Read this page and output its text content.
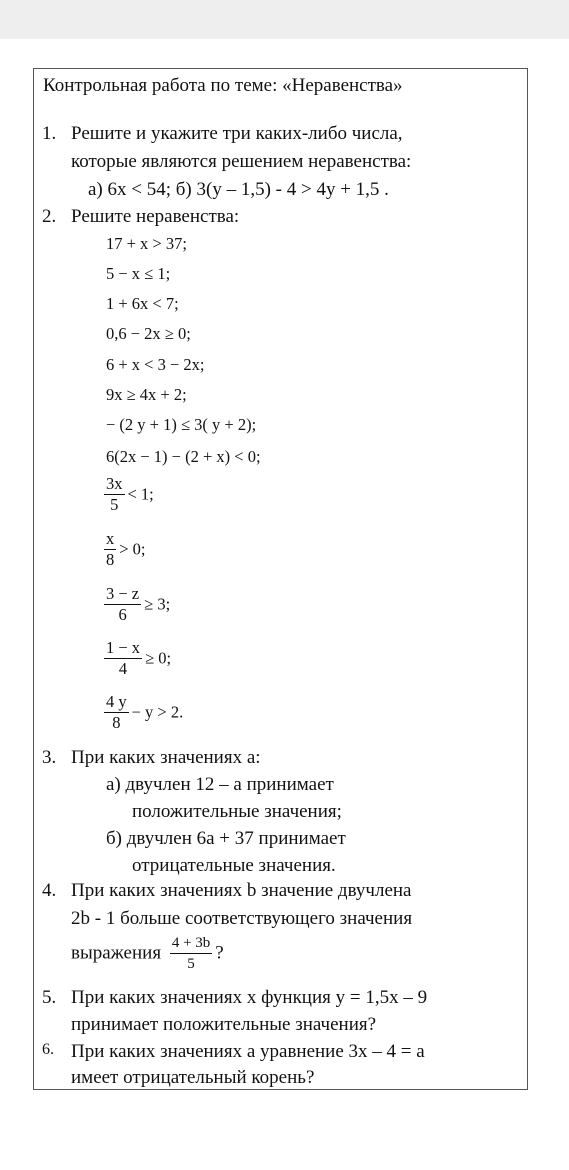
Контрольная работа по теме: «Неравенства»
1. Решите и укажите три каких-либо числа,
которые являются решением неравенства:
а) 6х < 54; б) 3(у – 1,5) - 4 > 4у + 1,5 .
2. Решите неравенства:
17 + x > 37;
5 − x ≤ 1;
1 + 6x < 7;
0,6 − 2x ≥ 0;
6 + x < 3 − 2x;
9x ≥ 4x + 2;
− (2 y + 1) ≤ 3( y + 2);
6(2x − 1) − (2 + x) < 0;
$\frac{3x}{5} < 1$;
$\frac{x}{8} > 0$;
$\frac{3 - z}{6} \ge 3$;
$\frac{1 - x}{4} \ge 0$;
$\frac{4 y}{8} - y > 2$.
3. При каких значениях a:
а) двучлен 12 – a принимает
положительные значения;
б) двучлен 6a + 37 принимает
отрицательные значения.
4. При каких значениях b значение двучлена
2b - 1 больше соответствующего значения
выражения $\frac{4 + 3b}{5}$ ?
5. При каких значениях х функция у = 1,5х – 9
принимает положительные значения?
6. При каких значениях a уравнение 3x – 4 = a
имеет отрицательный корень?
